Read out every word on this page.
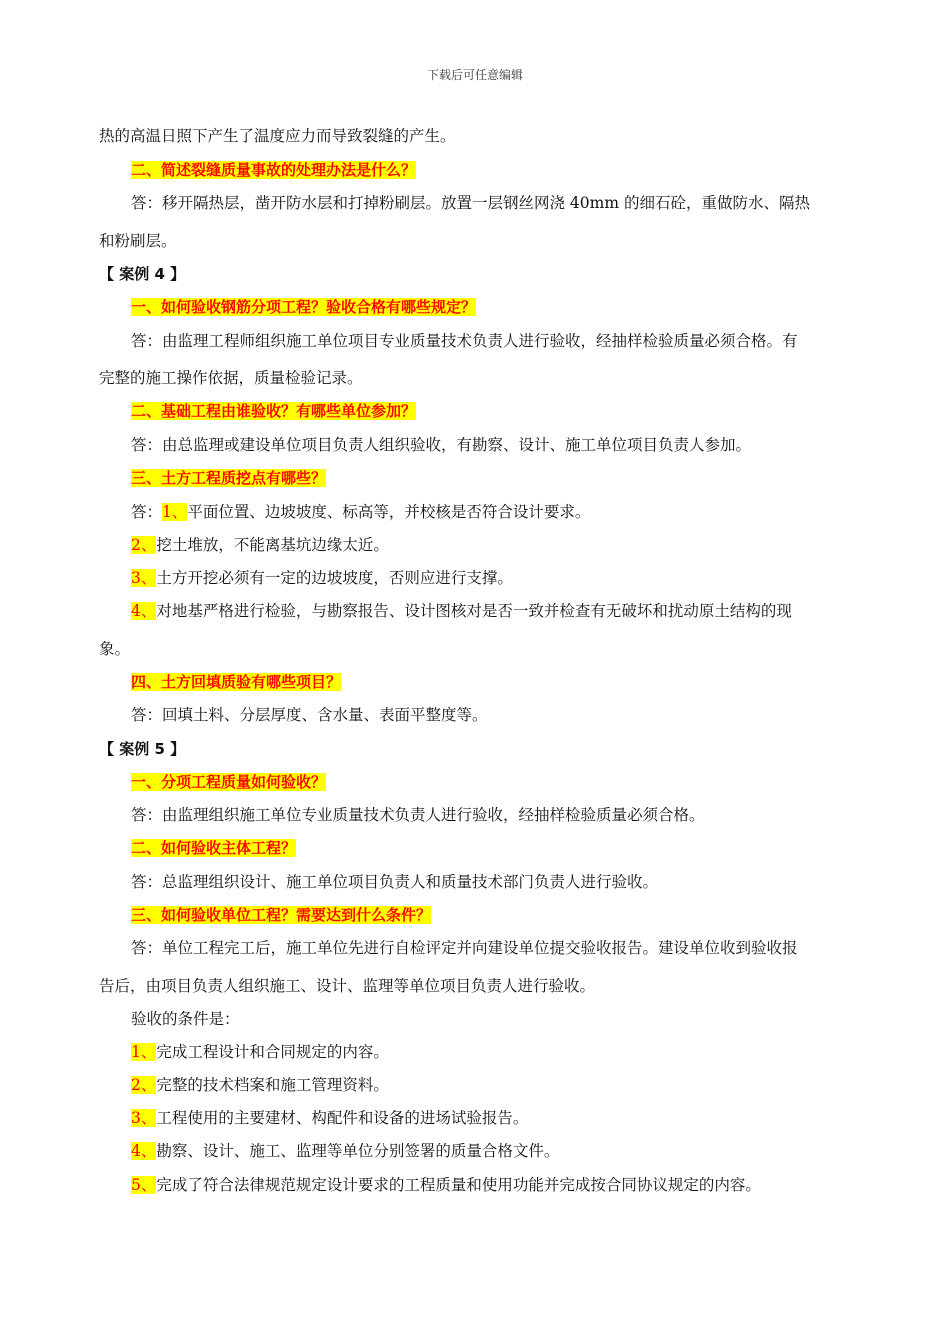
下载后可任意编辑
热的高温日照下产生了温度应力而导致裂缝的产生。
二、简述裂缝质量事故的处理办法是什么？
答：移开隔热层，凿开防水层和打掉粉刷层。放置一层钢丝网浇 40mm 的细石砼，重做防水、隔热
和粉刷层。
【 案例 4 】
一、如何验收钢筋分项工程？验收合格有哪些规定？
答：由监理工程师组织施工单位项目专业质量技术负责人进行验收，经抽样检验质量必须合格。有
完整的施工操作依据，质量检验记录。
二、基础工程由谁验收？有哪些单位参加？
答：由总监理或建设单位项目负责人组织验收，有勘察、设计、施工单位项目负责人参加。
三、土方工程质挖点有哪些？
答：1、平面位置、边坡坡度、标高等，并校核是否符合设计要求。
2、挖土堆放，不能离基坑边缘太近。
3、土方开挖必须有一定的边坡坡度，否则应进行支撑。
4、对地基严格进行检验，与勘察报告、设计图核对是否一致并检查有无破坏和扰动原土结构的现
象。
四、土方回填质验有哪些项目？
答：回填土料、分层厚度、含水量、表面平整度等。
【 案例 5 】
一、分项工程质量如何验收？
答：由监理组织施工单位专业质量技术负责人进行验收，经抽样检验质量必须合格。
二、如何验收主体工程？
答：总监理组织设计、施工单位项目负责人和质量技术部门负责人进行验收。
三、如何验收单位工程？需要达到什么条件？
答：单位工程完工后，施工单位先进行自检评定并向建设单位提交验收报告。建设单位收到验收报
告后，由项目负责人组织施工、设计、监理等单位项目负责人进行验收。
验收的条件是：
1、完成工程设计和合同规定的内容。
2、完整的技术档案和施工管理资料。
3、工程使用的主要建材、构配件和设备的进场试验报告。
4、勘察、设计、施工、监理等单位分别签署的质量合格文件。
5、完成了符合法律规范规定设计要求的工程质量和使用功能并完成按合同协议规定的内容。
